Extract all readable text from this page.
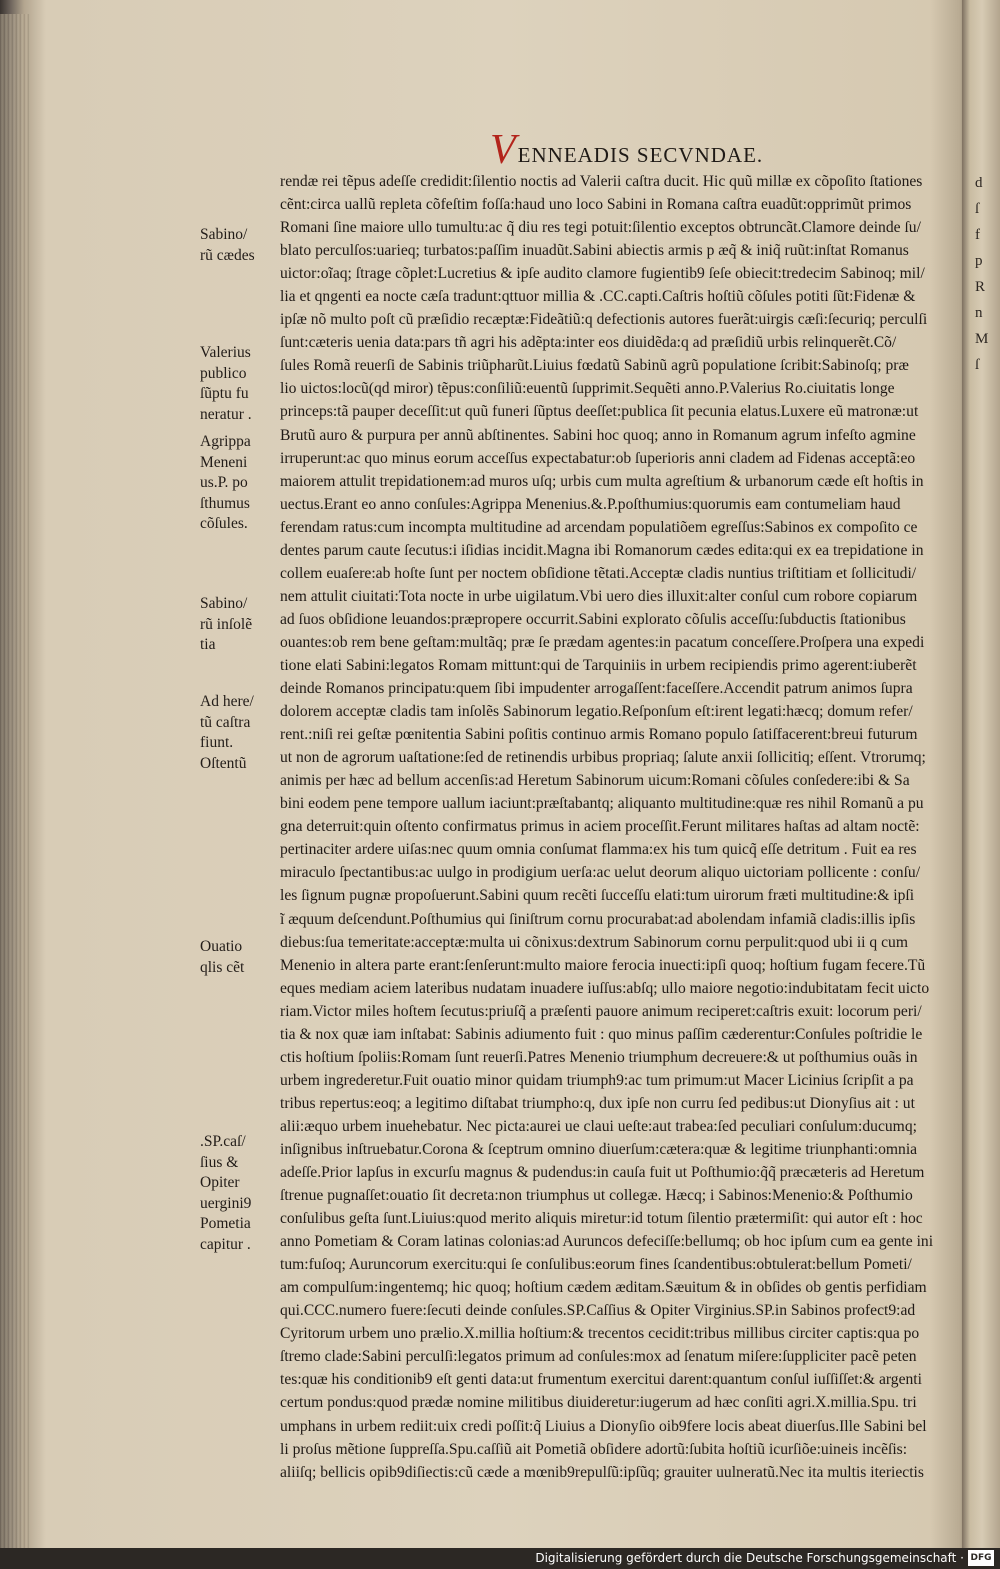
d
ſ
f
p
R
n
M
ſ
V ENNEADIS SECVNDAE.
Sabino/
rũ cædes
Valerius
publico
ſũptu fu
neratur .
Agrippa
Meneni
us.P. po
ſthumus
cõſules.
Sabino/
rũ inſolẽ
tia
Ad here/
tũ caſtra
fiunt.
Oſtentũ
Ouatio
qlis cẽt
.SP.caſ/
ſius &
Opiter
uergini9
Pometia
capitur .
rendæ rei tẽpus adeſſe credidit:ſilentio noctis ad Valerii caſtra ducit. Hic quũ millæ ex cõpoſito ſtationes
cẽnt:circa uallũ repleta cõfeſtim foſſa:haud uno loco Sabini in Romana caſtra euadũt:opprimũt primos
Romani ſine maiore ullo tumultu:ac q̃ diu res tegi potuit:ſilentio exceptos obtruncãt.Clamore deinde ſu/
blato perculſos:uarieq; turbatos:paſſim inuadũt.Sabini abiectis armis p æq̃ & iniq̃ ruũt:inſtat Romanus
uictor:oĩaq; ſtrage cõplet:Lucretius & ipſe audito clamore fugientib9 ſeſe obiecit:tredecim Sabinoq; mil/
lia et qngenti ea nocte cæſa tradunt:qttuor millia & .CC.capti.Caſtris hoſtiũ cõſules potiti ſũt:Fidenæ &
ipſæ nõ multo poſt cũ præſidio recæptæ:Fideãtiũ:q defectionis autores fuerãt:uirgis cæſi:ſecuriq; perculſi
ſunt:cæteris uenia data:pars tñ agri his adẽpta:inter eos diuidẽda:q ad præſidiũ urbis relinquerẽt.Cõ/
ſules Romã reuerſi de Sabinis triũpharũt.Liuius fœdatũ Sabinũ agrũ populatione ſcribit:Sabinoſq; præ
lio uictos:locũ(qd miror) tẽpus:conſiliũ:euentũ ſupprimit.Sequẽti anno.P.Valerius Ro.ciuitatis longe
princeps:tã pauper deceſſit:ut quũ funeri ſũptus deeſſet:publica ſit pecunia elatus.Luxere eũ matronæ:ut
Brutũ auro & purpura per annũ abſtinentes. Sabini hoc quoq; anno in Romanum agrum infeſto agmine
irruperunt:ac quo minus eorum acceſſus expectabatur:ob ſuperioris anni cladem ad Fidenas acceptã:eo
maiorem attulit trepidationem:ad muros uſq; urbis cum multa agreſtium & urbanorum cæde eſt hoſtis in
uectus.Erant eo anno conſules:Agrippa Menenius.&.P.poſthumius:quorumis eam contumeliam haud
ferendam ratus:cum incompta multitudine ad arcendam populatiõem egreſſus:Sabinos ex compoſito ce
dentes parum caute ſecutus:i iſidias incidit.Magna ibi Romanorum cædes edita:qui ex ea trepidatione in
collem euaſere:ab hoſte ſunt per noctem obſidione tẽtati.Acceptæ cladis nuntius triſtitiam et ſollicitudi/
nem attulit ciuitati:Tota nocte in urbe uigilatum.Vbi uero dies illuxit:alter conſul cum robore copiarum
ad ſuos obſidione leuandos:præpropere occurrit.Sabini explorato cõſulis acceſſu:ſubductis ſtationibus
ouantes:ob rem bene geſtam:multãq; præ ſe prædam agentes:in pacatum conceſſere.Proſpera una expedi
tione elati Sabini:legatos Romam mittunt:qui de Tarquiniis in urbem recipiendis primo agerent:iuberẽt
deinde Romanos principatu:quem ſibi impudenter arrogaſſent:faceſſere.Accendit patrum animos ſupra
dolorem acceptæ cladis tam inſolẽs Sabinorum legatio.Reſponſum eſt:irent legati:hæcq; domum refer/
rent.:niſi rei geſtæ pœnitentia Sabini poſitis continuo armis Romano populo ſatiſfacerent:breui futurum
ut non de agrorum uaſtatione:ſed de retinendis urbibus propriaq; ſalute anxii ſollicitiq; eſſent. Vtrorumq;
animis per hæc ad bellum accenſis:ad Heretum Sabinorum uicum:Romani cõſules conſedere:ibi & Sa
bini eodem pene tempore uallum iaciunt:præſtabantq; aliquanto multitudine:quæ res nihil Romanũ a pu
gna deterruit:quin oſtento confirmatus primus in aciem proceſſit.Ferunt militares haſtas ad altam noctẽ:
pertinaciter ardere uiſas:nec quum omnia conſumat flamma:ex his tum quicq̃ eſſe detritum . Fuit ea res
miraculo ſpectantibus:ac uulgo in prodigium uerſa:ac uelut deorum aliquo uictoriam pollicente : conſu/
les ſignum pugnæ propoſuerunt.Sabini quum recẽti ſucceſſu elati:tum uirorum fræti multitudine:& ipſi
ĩ æquum deſcendunt.Poſthumius qui ſiniſtrum cornu procurabat:ad abolendam infamiã cladis:illis ipſis
diebus:ſua temeritate:acceptæ:multa ui cõnixus:dextrum Sabinorum cornu perpulit:quod ubi ii q cum
Menenio in altera parte erant:ſenſerunt:multo maiore ferocia inuecti:ipſi quoq; hoſtium fugam fecere.Tũ
eques mediam aciem lateribus nudatam inuadere iuſſus:abſq; ullo maiore negotio:indubitatam fecit uicto
riam.Victor miles hoſtem ſecutus:priuſq̃ a præſenti pauore animum reciperet:caſtris exuit: locorum peri/
tia & nox quæ iam inſtabat: Sabinis adiumento fuit : quo minus paſſim cæderentur:Conſules poſtridie le
ctis hoſtium ſpoliis:Romam ſunt reuerſi.Patres Menenio triumphum decreuere:& ut poſthumius ouãs in
urbem ingrederetur.Fuit ouatio minor quidam triumph9:ac tum primum:ut Macer Licinius ſcripſit a pa
tribus repertus:eoq; a legitimo diſtabat triumpho:q, dux ipſe non curru ſed pedibus:ut Dionyſius ait : ut
alii:æquo urbem inuehebatur. Nec picta:aurei ue claui ueſte:aut trabea:ſed peculiari conſulum:ducumq;
inſignibus inſtruebatur.Corona & ſceptrum omnino diuerſum:cætera:quæ & legitime triunphanti:omnia
adeſſe.Prior lapſus in excurſu magnus & pudendus:in cauſa fuit ut Poſthumio:q̃q̃ præcæteris ad Heretum
ſtrenue pugnaſſet:ouatio ſit decreta:non triumphus ut collegæ. Hæcq; i Sabinos:Menenio:& Poſthumio
conſulibus geſta ſunt.Liuius:quod merito aliquis miretur:id totum ſilentio prætermiſit: qui autor eſt : hoc
anno Pometiam & Coram latinas colonias:ad Auruncos defeciſſe:bellumq; ob hoc ipſum cum ea gente ini
tum:fuſoq; Auruncorum exercitu:qui ſe conſulibus:eorum fines ſcandentibus:obtulerat:bellum Pometi/
am compulſum:ingentemq; hic quoq; hoſtium cædem æditam.Sæuitum & in obſides ob gentis perfidiam
qui.CCC.numero fuere:ſecuti deinde conſules.SP.Caſſius & Opiter Virginius.SP.in Sabinos profect9:ad
Cyritorum urbem uno prælio.X.millia hoſtium:& trecentos cecidit:tribus millibus circiter captis:qua po
ſtremo clade:Sabini perculſi:legatos primum ad conſules:mox ad ſenatum miſere:ſuppliciter pacẽ peten
tes:quæ his conditionib9 eſt genti data:ut frumentum exercitui darent:quantum conſul iuſſiſſet:& argenti
certum pondus:quod prædæ nomine militibus diuideretur:iugerum ad hæc conſiti agri.X.millia.Spu. tri
umphans in urbem rediit:uix credi poſſit:q̃ Liuius a Dionyſio oib9fere locis abeat diuerſus.Ille Sabini bel
li proſus mẽtione ſuppreſſa.Spu.caſſiũ ait Pometiã obſidere adortũ:ſubita hoſtiũ icurſiõe:uineis incẽſis:
aliiſq; bellicis opib9diſiectis:cũ cæde a mœnib9repulſũ:ipſũq; grauiter uulneratũ.Nec ita multis iteriectis
Digitalisierung gefördert durch die Deutsche Forschungsgemeinschaft · DFG
